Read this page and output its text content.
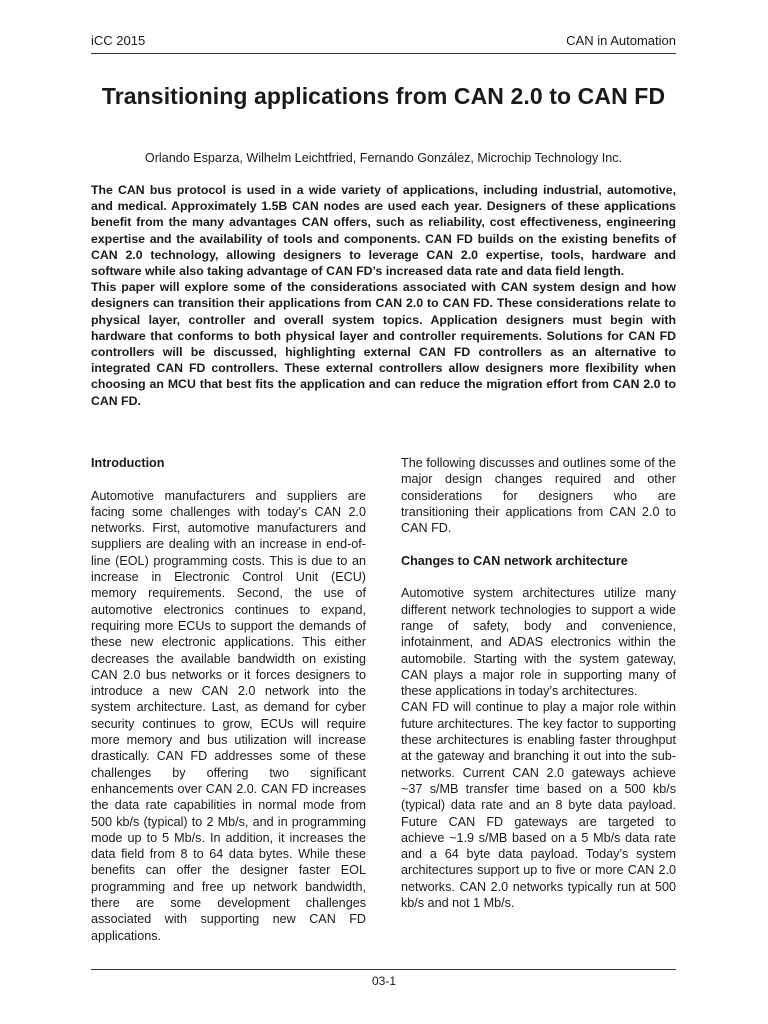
iCC 2015	CAN in Automation
Transitioning applications from CAN 2.0 to CAN FD
Orlando Esparza, Wilhelm Leichtfried, Fernando González, Microchip Technology Inc.

The CAN bus protocol is used in a wide variety of applications, including industrial, automotive, and medical. Approximately 1.5B CAN nodes are used each year. Designers of these applications benefit from the many advantages CAN offers, such as reliability, cost effectiveness, engineering expertise and the availability of tools and components. CAN FD builds on the existing benefits of CAN 2.0 technology, allowing designers to leverage CAN 2.0 expertise, tools, hardware and software while also taking advantage of CAN FD’s increased data rate and data field length.

This paper will explore some of the considerations associated with CAN system design and how designers can transition their applications from CAN 2.0 to CAN FD. These considerations relate to physical layer, controller and overall system topics. Application designers must begin with hardware that conforms to both physical layer and controller requirements. Solutions for CAN FD controllers will be discussed, highlighting external CAN FD controllers as an alternative to integrated CAN FD controllers. These external controllers allow designers more flexibility when choosing an MCU that best fits the application and can reduce the migration effort from CAN 2.0 to CAN FD.

Introduction

Automotive manufacturers and suppliers are facing some challenges with today’s CAN 2.0 networks. First, automotive manufacturers and suppliers are dealing with an increase in end-of-line (EOL) programming costs. This is due to an increase in Electronic Control Unit (ECU) memory requirements. Second, the use of automotive electronics continues to expand, requiring more ECUs to support the demands of these new electronic applications. This either decreases the available bandwidth on existing CAN 2.0 bus networks or it forces designers to introduce a new CAN 2.0 network into the system architecture. Last, as demand for cyber security continues to grow, ECUs will require more memory and bus utilization will increase drastically. CAN FD addresses some of these challenges by offering two significant enhancements over CAN 2.0. CAN FD increases the data rate capabilities in normal mode from 500 kb/s (typical) to 2 Mb/s, and in programming mode up to 5 Mb/s. In addition, it increases the data field from 8 to 64 data bytes. While these benefits can offer the designer faster EOL programming and free up network bandwidth, there are some development challenges associated with supporting new CAN FD applications.

The following discusses and outlines some of the major design changes required and other considerations for designers who are transitioning their applications from CAN 2.0 to CAN FD.

Changes to CAN network architecture

Automotive system architectures utilize many different network technologies to support a wide range of safety, body and convenience, infotainment, and ADAS electronics within the automobile. Starting with the system gateway, CAN plays a major role in supporting many of these applications in today’s architectures.

CAN FD will continue to play a major role within future architectures. The key factor to supporting these architectures is enabling faster throughput at the gateway and branching it out into the sub-networks. Current CAN 2.0 gateways achieve ~37 s/MB transfer time based on a 500 kb/s (typical) data rate and an 8 byte data payload. Future CAN FD gateways are targeted to achieve ~1.9 s/MB based on a 5 Mb/s data rate and a 64 byte data payload. Today’s system architectures support up to five or more CAN 2.0 networks. CAN 2.0 networks typically run at 500 kb/s and not 1 Mb/s.

03-1
